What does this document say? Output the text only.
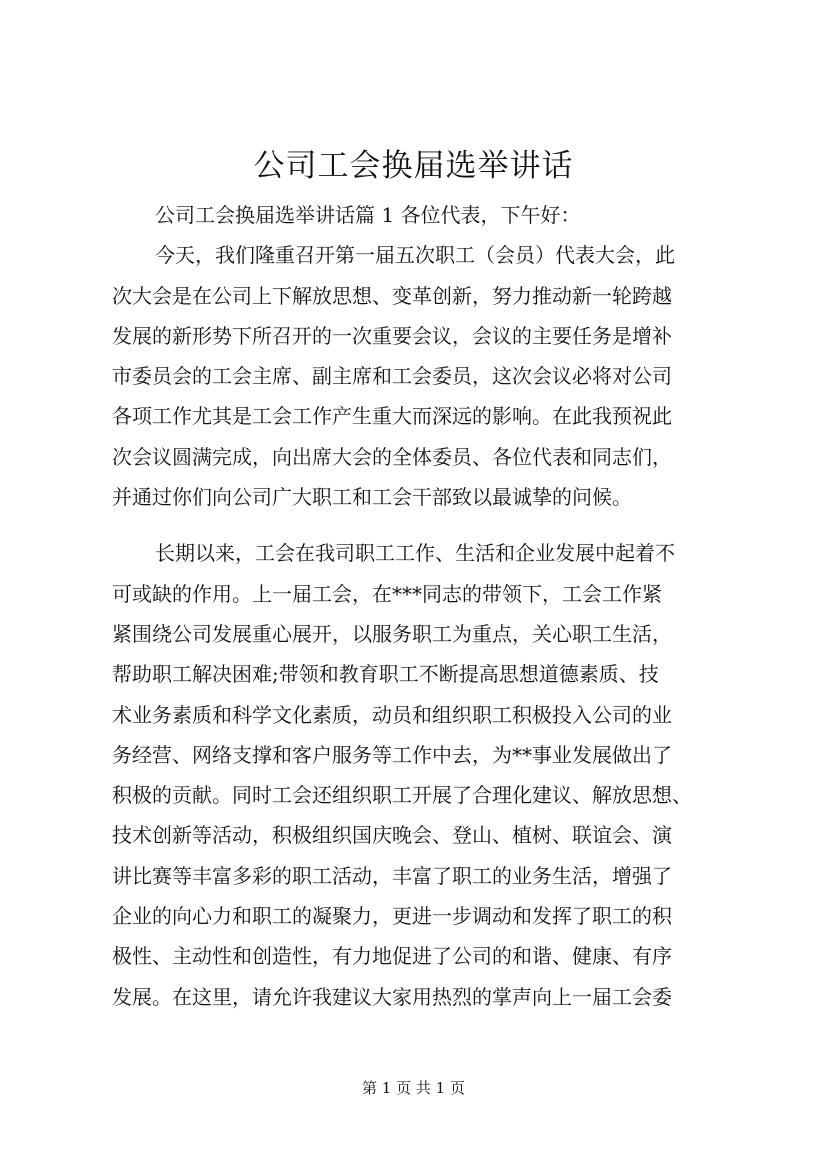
公司工会换届选举讲话
公司工会换届选举讲话篇 1 各位代表，下午好：
今天，我们隆重召开第一届五次职工（会员）代表大会，此
次大会是在公司上下解放思想、变革创新，努力推动新一轮跨越
发展的新形势下所召开的一次重要会议，会议的主要任务是增补
市委员会的工会主席、副主席和工会委员，这次会议必将对公司
各项工作尤其是工会工作产生重大而深远的影响。在此我预祝此
次会议圆满完成，向出席大会的全体委员、各位代表和同志们，
并通过你们向公司广大职工和工会干部致以最诚挚的问候。
长期以来，工会在我司职工工作、生活和企业发展中起着不
可或缺的作用。上一届工会，在***同志的带领下，工会工作紧
紧围绕公司发展重心展开，以服务职工为重点，关心职工生活，
帮助职工解决困难;带领和教育职工不断提高思想道德素质、技
术业务素质和科学文化素质，动员和组织职工积极投入公司的业
务经营、网络支撑和客户服务等工作中去，为**事业发展做出了
积极的贡献。同时工会还组织职工开展了合理化建议、解放思想、
技术创新等活动，积极组织国庆晚会、登山、植树、联谊会、演
讲比赛等丰富多彩的职工活动，丰富了职工的业务生活，增强了
企业的向心力和职工的凝聚力，更进一步调动和发挥了职工的积
极性、主动性和创造性，有力地促进了公司的和谐、健康、有序
发展。在这里，请允许我建议大家用热烈的掌声向上一届工会委
第 1 页 共 1 页
